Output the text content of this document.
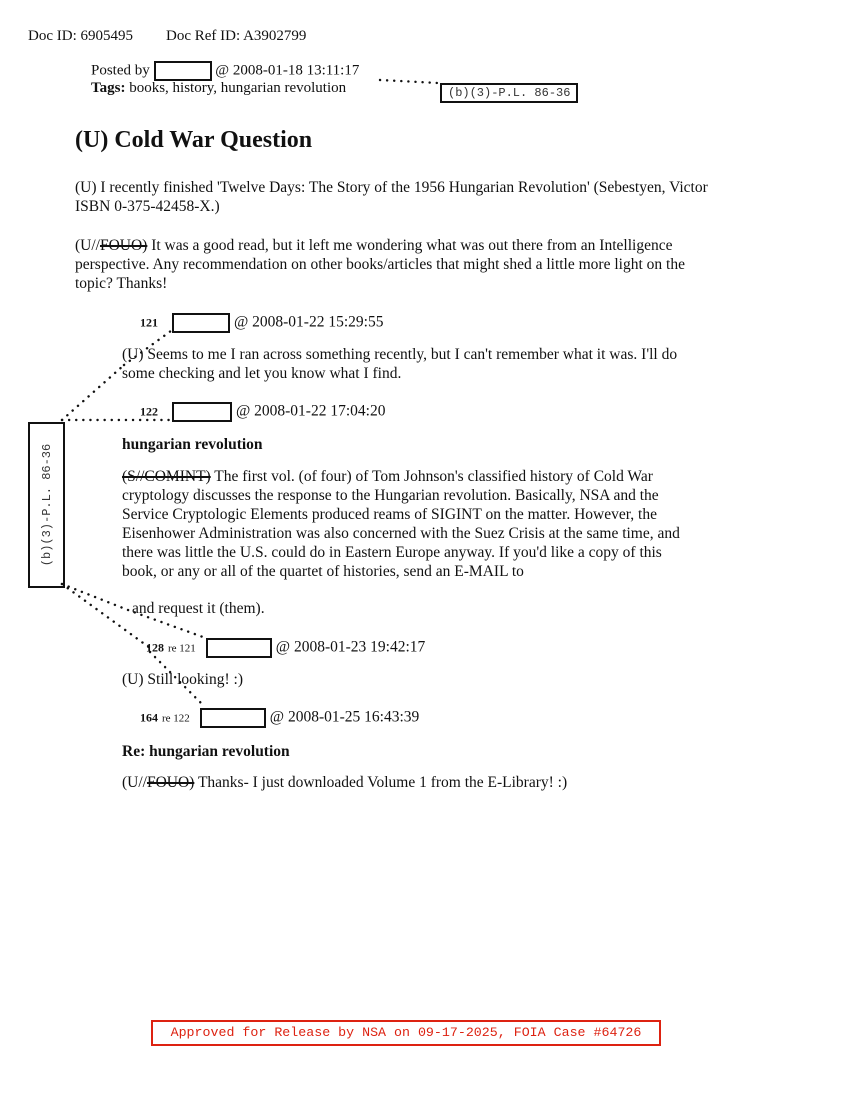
Doc ID: 6905495 Doc Ref ID: A3902799
Posted by	@ 2008-01-18 13:11:17
Tags: books, history, hungarian revolution	(b)(3)-P.L. 86-36
(U) Cold War Question
(U) I recently finished 'Twelve Days: The Story of the 1956 Hungarian Revolution' (Sebestyen, Victor
ISBN 0-375-42458-X.)
(U//FOUO) It was a good read, but it left me wondering what was out there from an Intelligence
perspective. Any recommendation on other books/articles that might shed a little more light on the
topic? Thanks!
121	@ 2008-01-22 15:29:55
(U) Seems to me I ran across something recently, but I can't remember what it was. I'll do
some checking and let you know what I find.
122	@ 2008-01-22 17:04:20
hungarian revolution
(S//COMINT) The first vol. (of four) of Tom Johnson's classified history of Cold War
cryptology discusses the response to the Hungarian revolution. Basically, NSA and the
Service Cryptologic Elements produced reams of SIGINT on the matter. However, the
Eisenhower Administration was also concerned with the Suez Crisis at the same time, and
there was little the U.S. could do in Eastern Europe anyway. If you'd like a copy of this
book, or any or all of the quartet of histories, send an E-MAIL to
and request it (them).
128 re 121	@ 2008-01-23 19:42:17
(U) Still looking! :)
164 re 122	@ 2008-01-25 16:43:39
Re: hungarian revolution
(U//FOUO) Thanks- I just downloaded Volume 1 from the E-Library! :)
(b)(3)-P.L. 86-36
Approved for Release by NSA on 09-17-2025, FOIA Case #64726
